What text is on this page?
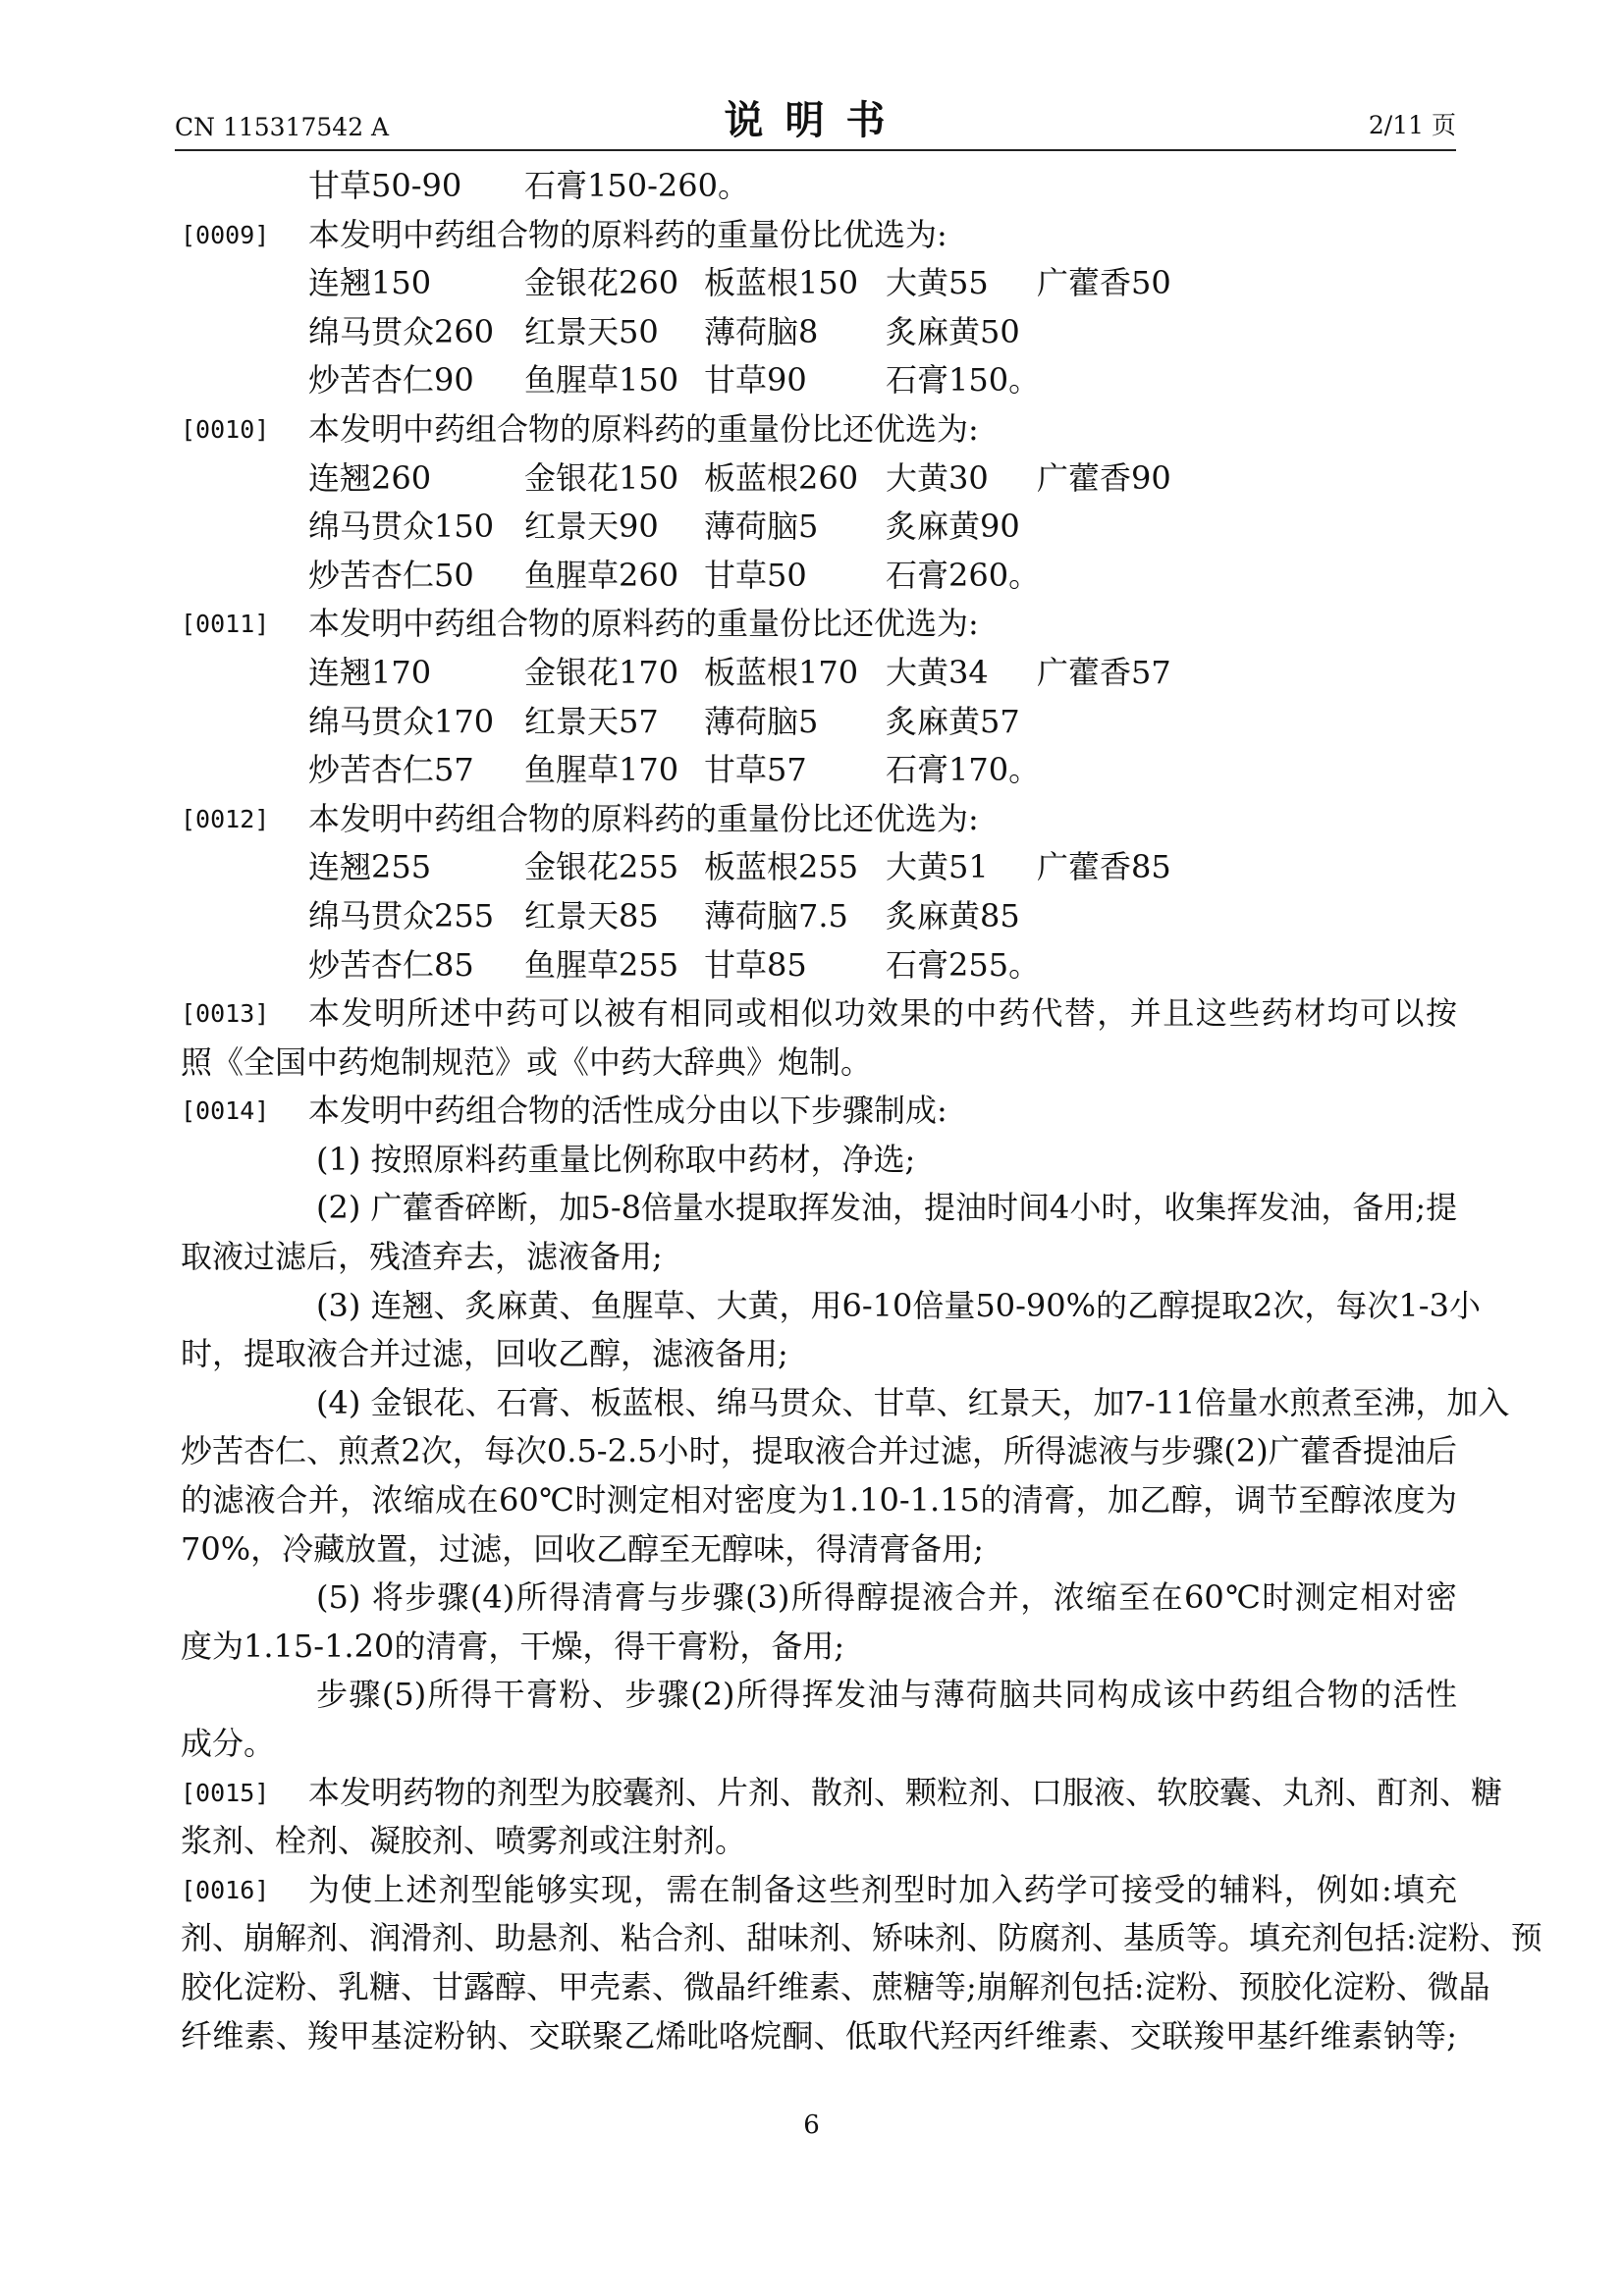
CN 115317542 A	说明书	2/11 页
甘草50-90 石膏150-260。
[0009] 本发明中药组合物的原料药的重量份比优选为:
连翘150	金银花260 板蓝根150 大黄55 广藿香50
绵马贯众260 红景天50 薄荷脑8 炙麻黄50
炒苦杏仁90 鱼腥草150 甘草90	石膏150。
[0010] 本发明中药组合物的原料药的重量份比还优选为:
连翘260	金银花150 板蓝根260 大黄30 广藿香90
绵马贯众150 红景天90 薄荷脑5 炙麻黄90
炒苦杏仁50 鱼腥草260 甘草50	石膏260。
[0011] 本发明中药组合物的原料药的重量份比还优选为:
连翘170	金银花170 板蓝根170 大黄34 广藿香57
绵马贯众170 红景天57 薄荷脑5 炙麻黄57
炒苦杏仁57 鱼腥草170 甘草57	石膏170。
[0012] 本发明中药组合物的原料药的重量份比还优选为:
连翘255	金银花255 板蓝根255 大黄51 广藿香85
绵马贯众255 红景天85 薄荷脑7.5 炙麻黄85
炒苦杏仁85 鱼腥草255 甘草85	石膏255。
[0013] 本发明所述中药可以被有相同或相似功效果的中药代替，并且这些药材均可以按
照《全国中药炮制规范》或《中药大辞典》炮制。
[0014] 本发明中药组合物的活性成分由以下步骤制成:
(1) 按照原料药重量比例称取中药材，净选;
(2) 广藿香碎断，加5-8倍量水提取挥发油，提油时间4小时，收集挥发油，备用;提
取液过滤后，残渣弃去，滤液备用;
(3) 连翘、炙麻黄、鱼腥草、大黄，用6-10倍量50-90%的乙醇提取2次，每次1-3小
时，提取液合并过滤，回收乙醇，滤液备用;
(4) 金银花、石膏、板蓝根、绵马贯众、甘草、红景天，加7-11倍量水煎煮至沸，加入
炒苦杏仁、煎煮2次，每次0.5-2.5小时，提取液合并过滤，所得滤液与步骤(2)广藿香提油后
的滤液合并，浓缩成在60℃时测定相对密度为1.10-1.15的清膏，加乙醇，调节至醇浓度为
70%，冷藏放置，过滤，回收乙醇至无醇味，得清膏备用;
(5) 将步骤(4)所得清膏与步骤(3)所得醇提液合并，浓缩至在60℃时测定相对密
度为1.15-1.20的清膏，干燥，得干膏粉，备用;
步骤(5)所得干膏粉、步骤(2)所得挥发油与薄荷脑共同构成该中药组合物的活性
成分。
[0015] 本发明药物的剂型为胶囊剂、片剂、散剂、颗粒剂、口服液、软胶囊、丸剂、酊剂、糖
浆剂、栓剂、凝胶剂、喷雾剂或注射剂。
[0016] 为使上述剂型能够实现，需在制备这些剂型时加入药学可接受的辅料，例如:填充
剂、崩解剂、润滑剂、助悬剂、粘合剂、甜味剂、矫味剂、防腐剂、基质等。填充剂包括:淀粉、预
胶化淀粉、乳糖、甘露醇、甲壳素、微晶纤维素、蔗糖等;崩解剂包括:淀粉、预胶化淀粉、微晶
纤维素、羧甲基淀粉钠、交联聚乙烯吡咯烷酮、低取代羟丙纤维素、交联羧甲基纤维素钠等;
6
